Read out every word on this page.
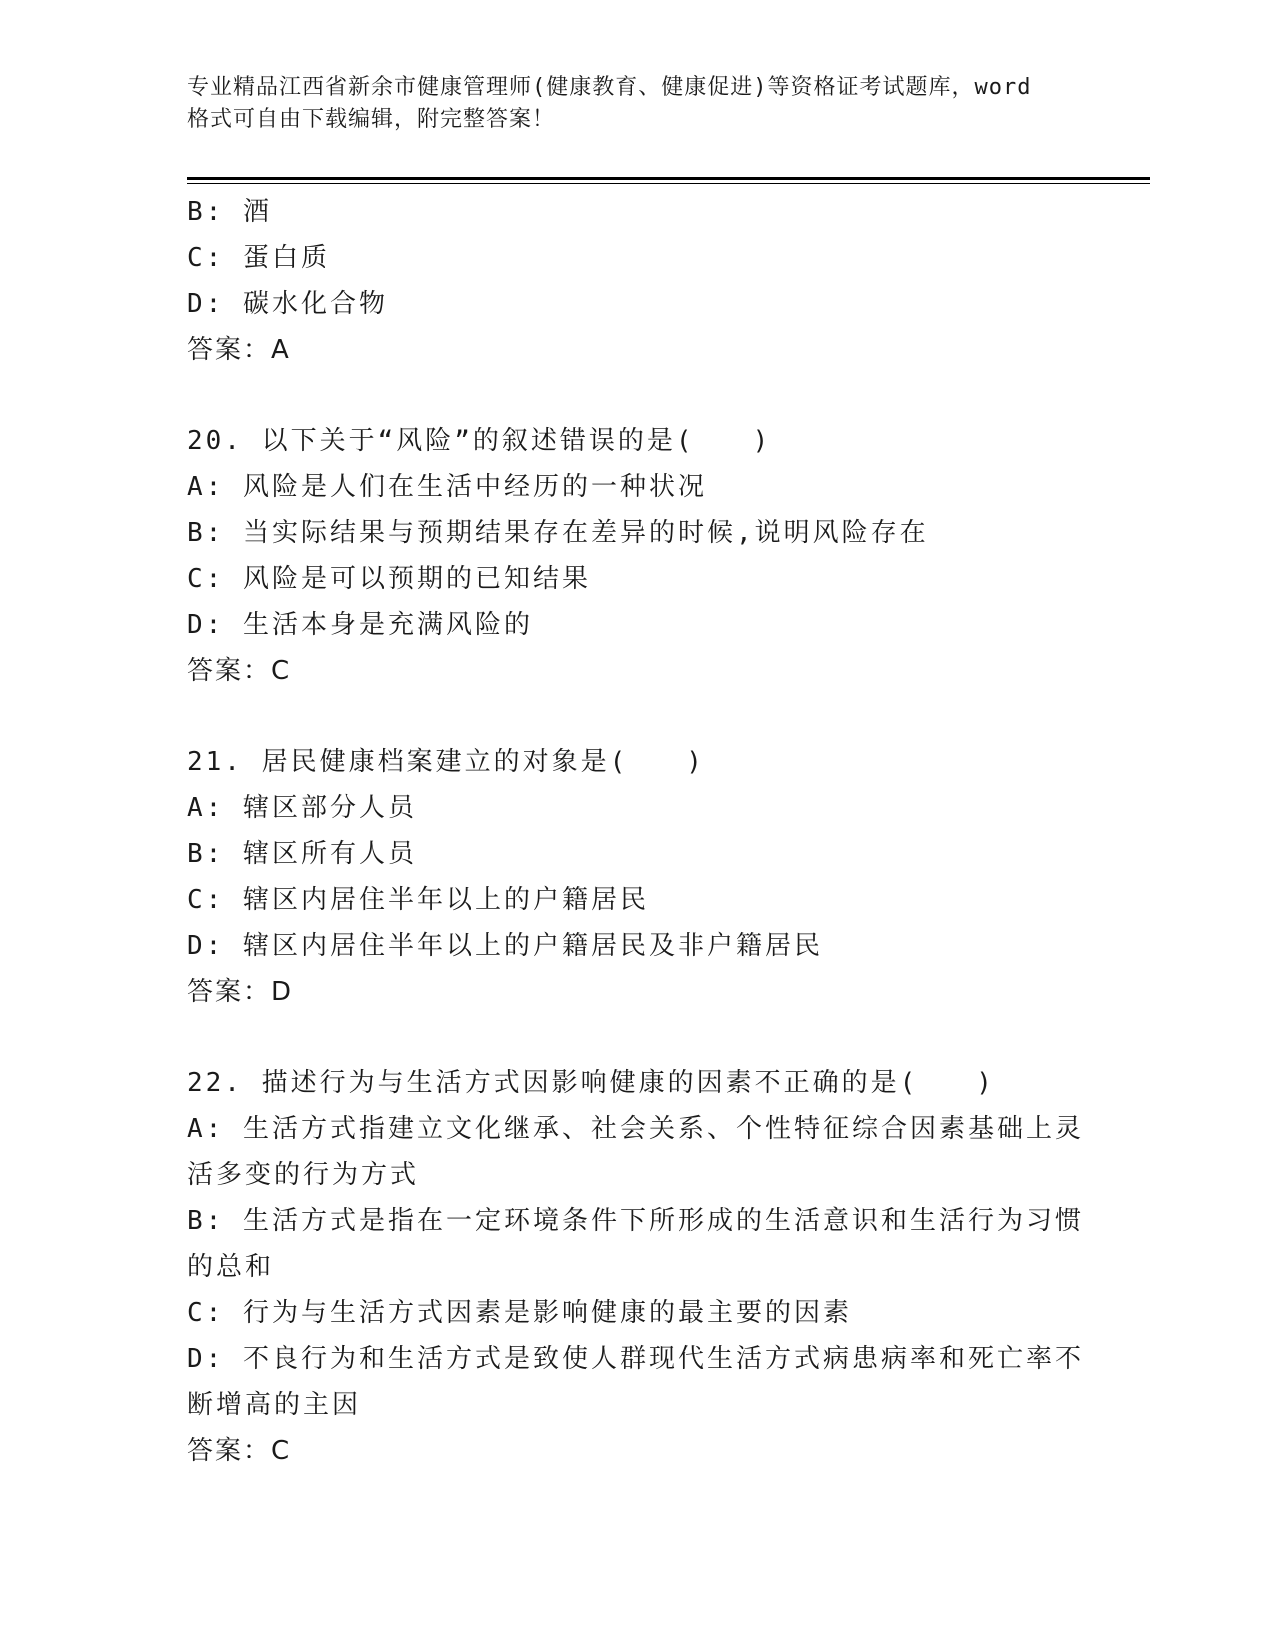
专业精品江西省新余市健康管理师(健康教育、健康促进)等资格证考试题库，word
格式可自由下载编辑，附完整答案！
B: 酒
C: 蛋白质
D: 碳水化合物
答案：A
20. 以下关于“风险”的叙述错误的是(　　)
A: 风险是人们在生活中经历的一种状况
B: 当实际结果与预期结果存在差异的时候,说明风险存在
C: 风险是可以预期的已知结果
D: 生活本身是充满风险的
答案：C
21. 居民健康档案建立的对象是(　　)
A: 辖区部分人员
B: 辖区所有人员
C: 辖区内居住半年以上的户籍居民
D: 辖区内居住半年以上的户籍居民及非户籍居民
答案：D
22. 描述行为与生活方式因影响健康的因素不正确的是(　　)
A: 生活方式指建立文化继承、社会关系、个性特征综合因素基础上灵活多变的行为方式
B: 生活方式是指在一定环境条件下所形成的生活意识和生活行为习惯的总和
C: 行为与生活方式因素是影响健康的最主要的因素
D: 不良行为和生活方式是致使人群现代生活方式病患病率和死亡率不断增高的主因
答案：C
